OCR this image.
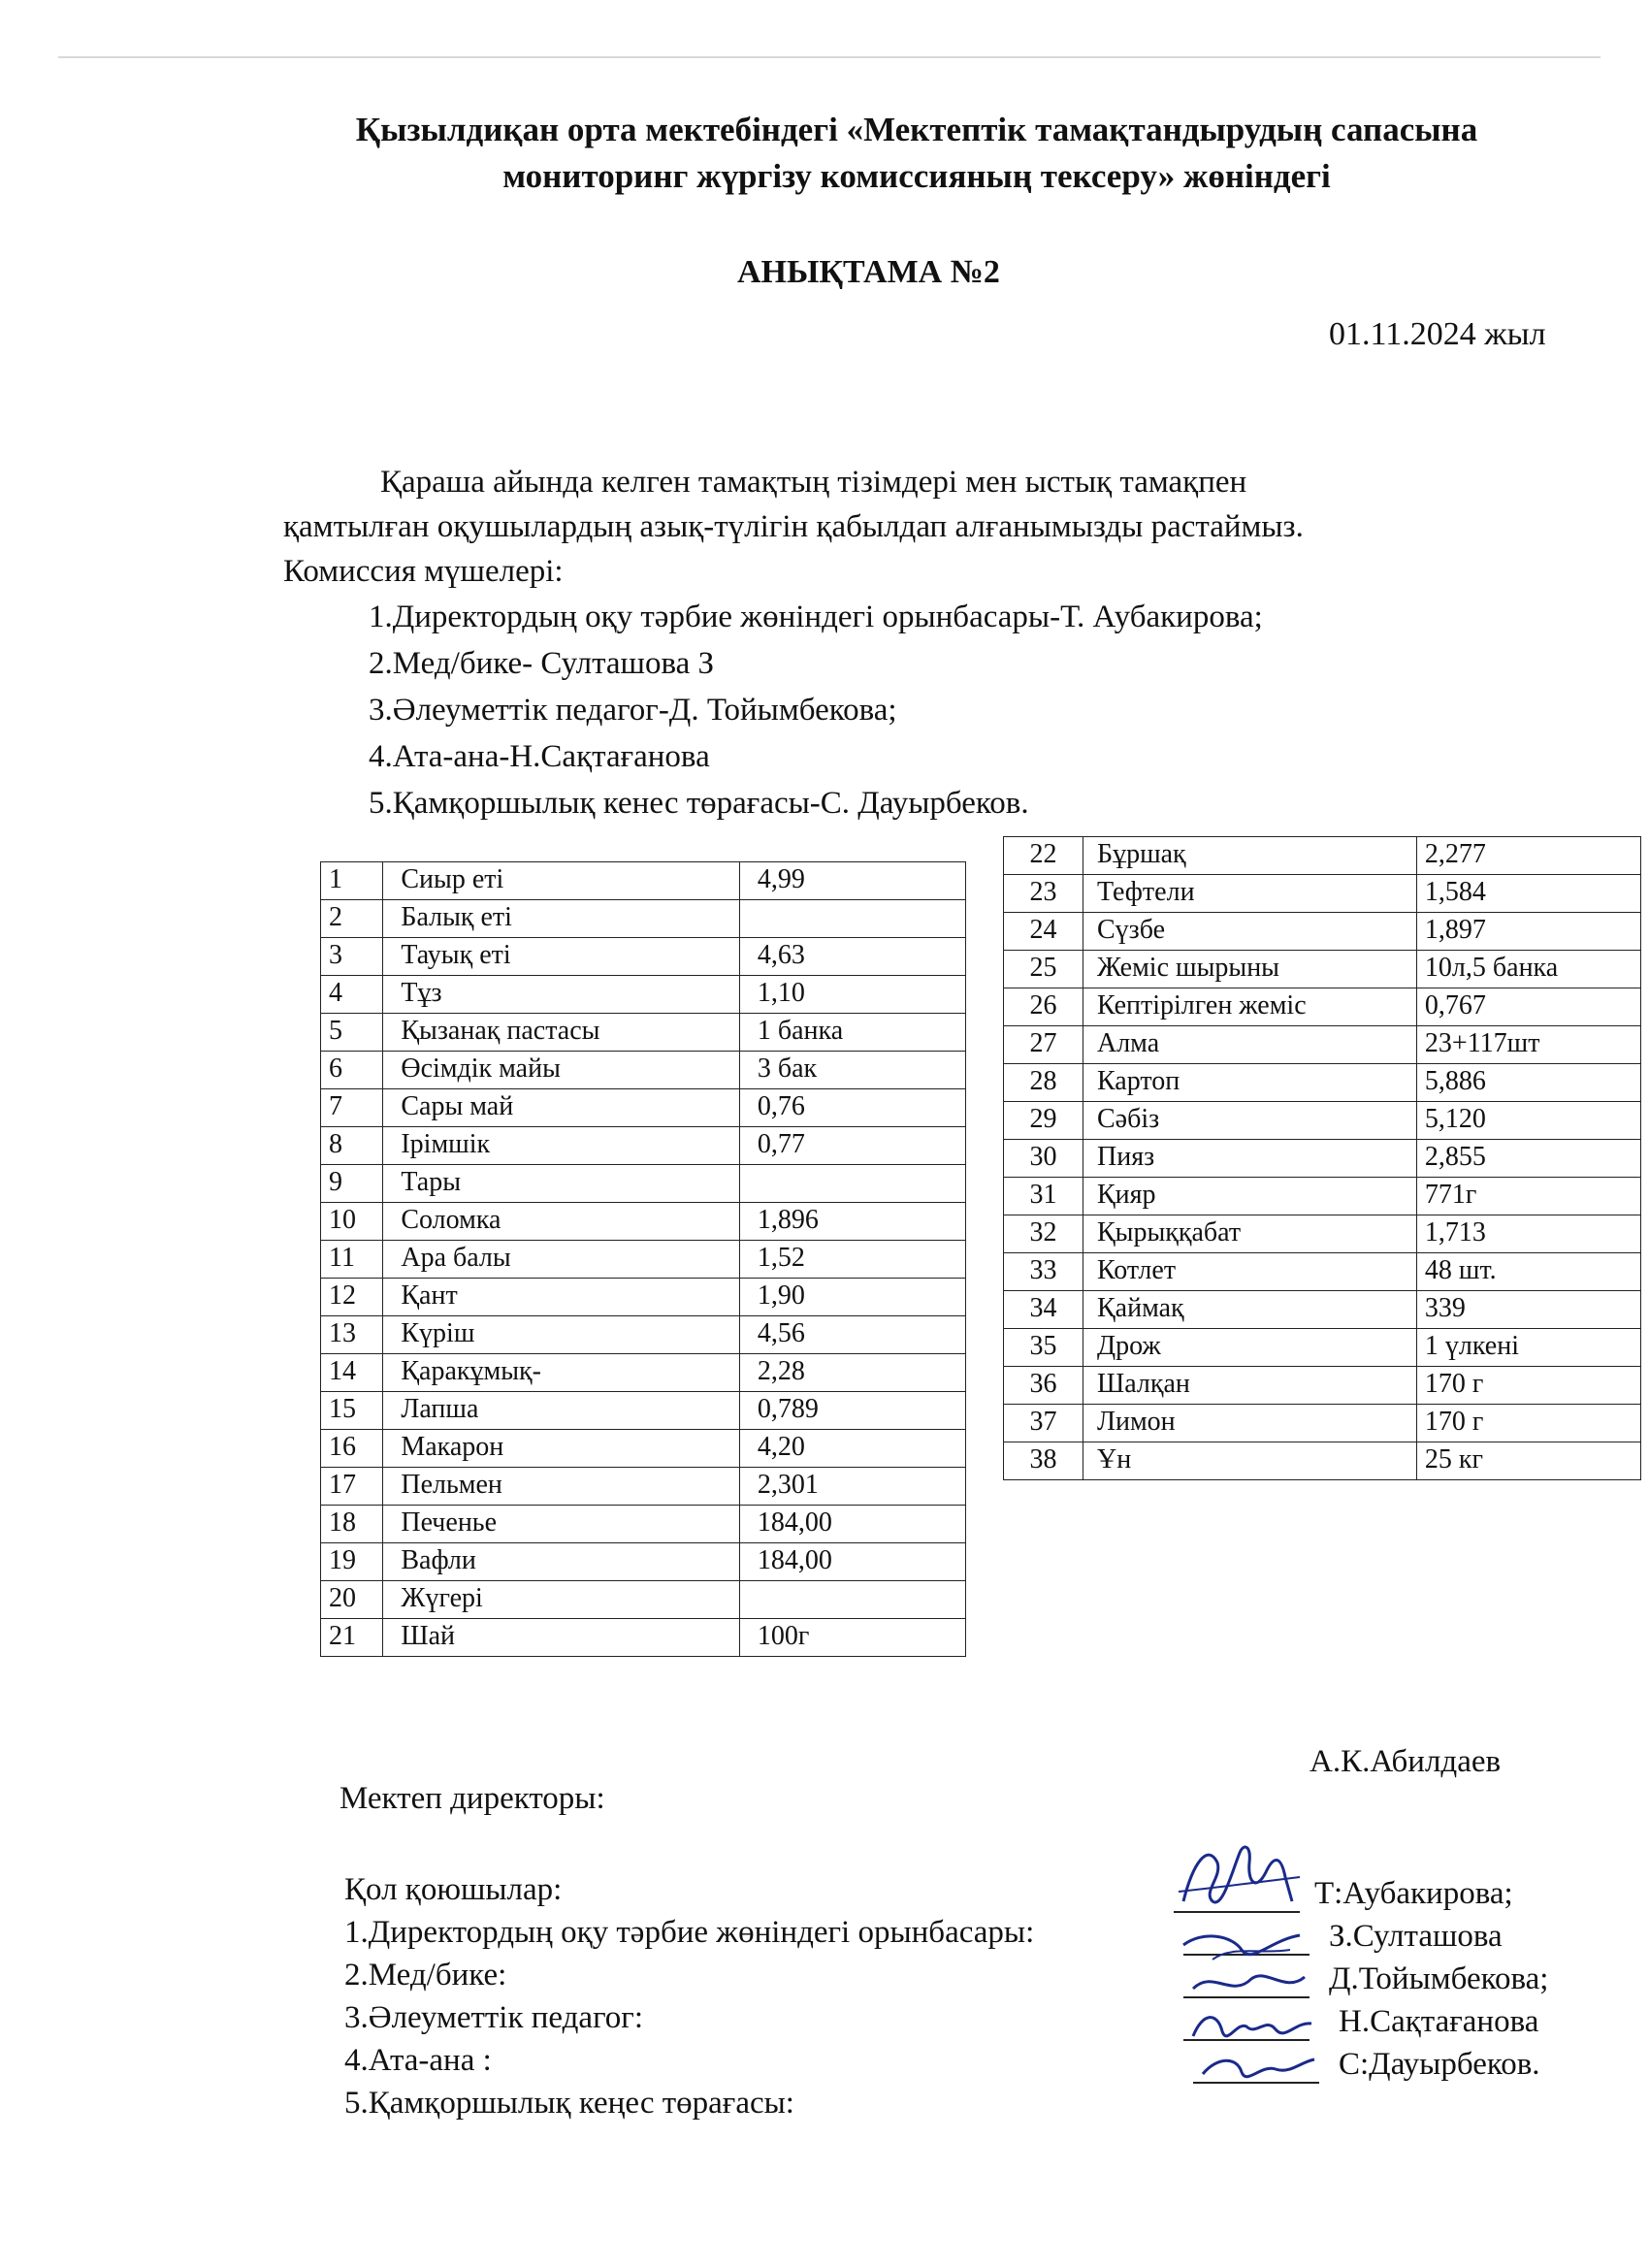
Қызылдиқан орта мектебіндегі «Мектептік тамақтандырудың сапасына
мониторинг жүргізу комиссияның тексеру» жөніндегі
АНЫҚТАМА №2
01.11.2024 жыл
Қараша айында келген тамақтың тізімдері мен ыстық тамақпен
қамтылған оқушылардың азық-түлігін қабылдап алғанымызды растаймыз.
Комиссия мүшелері:
1.Директордың оқу тәрбие жөніндегі орынбасары-Т. Аубакирова;
2.Мед/бике- Султашова З
3.Әлеуметтік педагог-Д. Тойымбекова;
4.Ата-ана-Н.Сақтағанова
5.Қамқоршылық кенес төрағасы-С. Дауырбеков.
1	Сиыр еті	4,99
2	Балық еті	
3	Тауық еті	4,63
4	Тұз	1,10
5	Қызанақ пастасы	1 банка
6	Өсімдік майы	3 бак
7	Сары май	0,76
8	Ірімшік	0,77
9	Тары	
10	Соломка	1,896
11	Ара балы	1,52
12	Қант	1,90
13	Күріш	4,56
14	Қаракұмық-	2,28
15	Лапша	0,789
16	Макарон	4,20
17	Пельмен	2,301
18	Печенье	184,00
19	Вафли	184,00
20	Жүгері	
21	Шай	100г
22	Бұршақ	2,277
23	Тефтели	1,584
24	Сүзбе	1,897
25	Жеміс шырыны	10л,5 банка
26	Кептірілген жеміс	0,767
27	Алма	23+117шт
28	Картоп	5,886
29	Сәбіз	5,120
30	Пияз	2,855
31	Қияр	771г
32	Қырыққабат	1,713
33	Котлет	48 шт.
34	Қаймақ	339
35	Дрож	1 үлкені
36	Шалқан	170 г
37	Лимон	170 г
38	Ұн	25 кг
А.К.Абилдаев
Мектеп директоры:
Қол қоюшылар:
1.Директордың оқу тәрбие жөніндегі орынбасары:
2.Мед/бике:
3.Әлеуметтік педагог:
4.Ата-ана :
5.Қамқоршылық кеңес төрағасы:
Т:Аубакирова;
З.Султашова
Д.Тойымбекова;
Н.Сақтағанова
С:Дауырбеков.
